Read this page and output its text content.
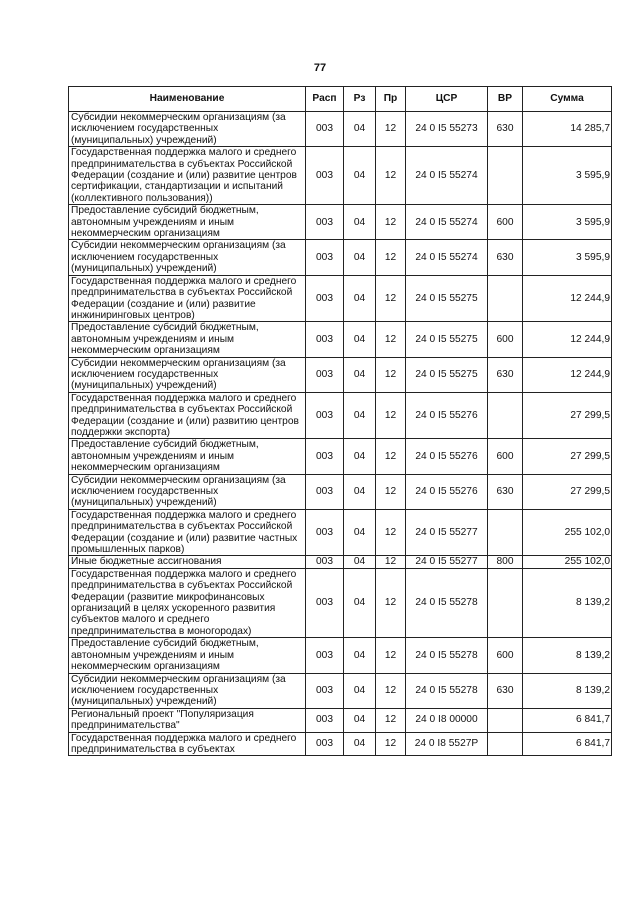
77
Наименование	Расп	Рз	Пр	ЦСР	ВР	Сумма
Субсидии некоммерческим организациям (за исключением государственных (муниципальных) учреждений)	003	04	12	24 0 I5 55273	630	14 285,7
Государственная поддержка малого и среднего предпринимательства в субъектах Российской Федерации (создание и (или) развитие центров сертификации, стандартизации и испытаний (коллективного пользования))	003	04	12	24 0 I5 55274		3 595,9
Предоставление субсидий бюджетным, автономным учреждениям и иным некоммерческим организациям	003	04	12	24 0 I5 55274	600	3 595,9
Субсидии некоммерческим организациям (за исключением государственных (муниципальных) учреждений)	003	04	12	24 0 I5 55274	630	3 595,9
Государственная поддержка малого и среднего предпринимательства в субъектах Российской Федерации (создание и (или) развитие инжиниринговых центров)	003	04	12	24 0 I5 55275		12 244,9
Предоставление субсидий бюджетным, автономным учреждениям и иным некоммерческим организациям	003	04	12	24 0 I5 55275	600	12 244,9
Субсидии некоммерческим организациям (за исключением государственных (муниципальных) учреждений)	003	04	12	24 0 I5 55275	630	12 244,9
Государственная поддержка малого и среднего предпринимательства в субъектах Российской Федерации (создание и (или) развитию центров поддержки экспорта)	003	04	12	24 0 I5 55276		27 299,5
Предоставление субсидий бюджетным, автономным учреждениям и иным некоммерческим организациям	003	04	12	24 0 I5 55276	600	27 299,5
Субсидии некоммерческим организациям (за исключением государственных (муниципальных) учреждений)	003	04	12	24 0 I5 55276	630	27 299,5
Государственная поддержка малого и среднего предпринимательства в субъектах Российской Федерации (создание и (или) развитие частных промышленных парков)	003	04	12	24 0 I5 55277		255 102,0
Иные бюджетные ассигнования	003	04	12	24 0 I5 55277	800	255 102,0
Государственная поддержка малого и среднего предпринимательства в субъектах Российской Федерации (развитие микрофинансовых организаций в целях ускоренного развития субъектов малого и среднего предпринимательства в моногородах)	003	04	12	24 0 I5 55278		8 139,2
Предоставление субсидий бюджетным, автономным учреждениям и иным некоммерческим организациям	003	04	12	24 0 I5 55278	600	8 139,2
Субсидии некоммерческим организациям (за исключением государственных (муниципальных) учреждений)	003	04	12	24 0 I5 55278	630	8 139,2
Региональный проект "Популяризация предпринимательства"	003	04	12	24 0 I8 00000		6 841,7
Государственная поддержка малого и среднего предпринимательства в субъектах	003	04	12	24 0 I8 5527P		6 841,7
